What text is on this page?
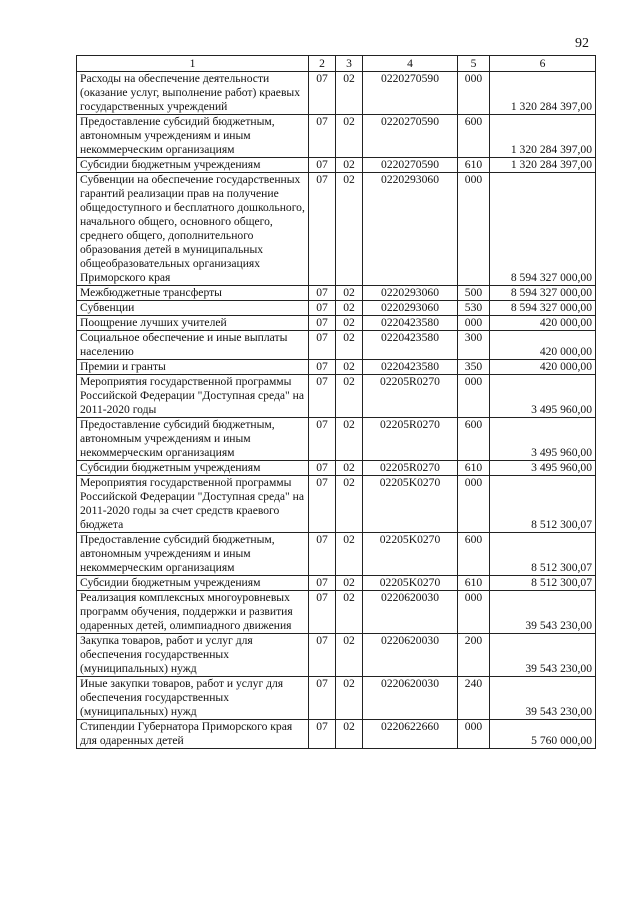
92
1	2	3	4	5	6
Расходы на обеспечение деятельности (оказание услуг, выполнение работ) краевых государственных учреждений	07	02	0220270590	000	1 320 284 397,00
Предоставление субсидий бюджетным, автономным учреждениям и иным некоммерческим организациям	07	02	0220270590	600	1 320 284 397,00
Субсидии бюджетным учреждениям	07	02	0220270590	610	1 320 284 397,00
Субвенции на обеспечение государственных гарантий реализации прав на получение общедоступного и бесплатного дошкольного, начального общего, основного общего, среднего общего, дополнительного образования детей в муниципальных общеобразовательных организациях Приморского края	07	02	0220293060	000	8 594 327 000,00
Межбюджетные трансферты	07	02	0220293060	500	8 594 327 000,00
Субвенции	07	02	0220293060	530	8 594 327 000,00
Поощрение лучших учителей	07	02	0220423580	000	420 000,00
Социальное обеспечение и иные выплаты населению	07	02	0220423580	300	420 000,00
Премии и гранты	07	02	0220423580	350	420 000,00
Мероприятия государственной программы Российской Федерации "Доступная среда" на 2011-2020 годы	07	02	02205R0270	000	3 495 960,00
Предоставление субсидий бюджетным, автономным учреждениям и иным некоммерческим организациям	07	02	02205R0270	600	3 495 960,00
Субсидии бюджетным учреждениям	07	02	02205R0270	610	3 495 960,00
Мероприятия государственной программы Российской Федерации "Доступная среда" на 2011-2020 годы за счет средств краевого бюджета	07	02	02205K0270	000	8 512 300,07
Предоставление субсидий бюджетным, автономным учреждениям и иным некоммерческим организациям	07	02	02205K0270	600	8 512 300,07
Субсидии бюджетным учреждениям	07	02	02205K0270	610	8 512 300,07
Реализация комплексных многоуровневых программ обучения, поддержки и развития одаренных детей, олимпиадного движения	07	02	0220620030	000	39 543 230,00
Закупка товаров, работ и услуг для обеспечения государственных (муниципальных) нужд	07	02	0220620030	200	39 543 230,00
Иные закупки товаров, работ и услуг для обеспечения государственных (муниципальных) нужд	07	02	0220620030	240	39 543 230,00
Стипендии Губернатора Приморского края для одаренных детей	07	02	0220622660	000	5 760 000,00
